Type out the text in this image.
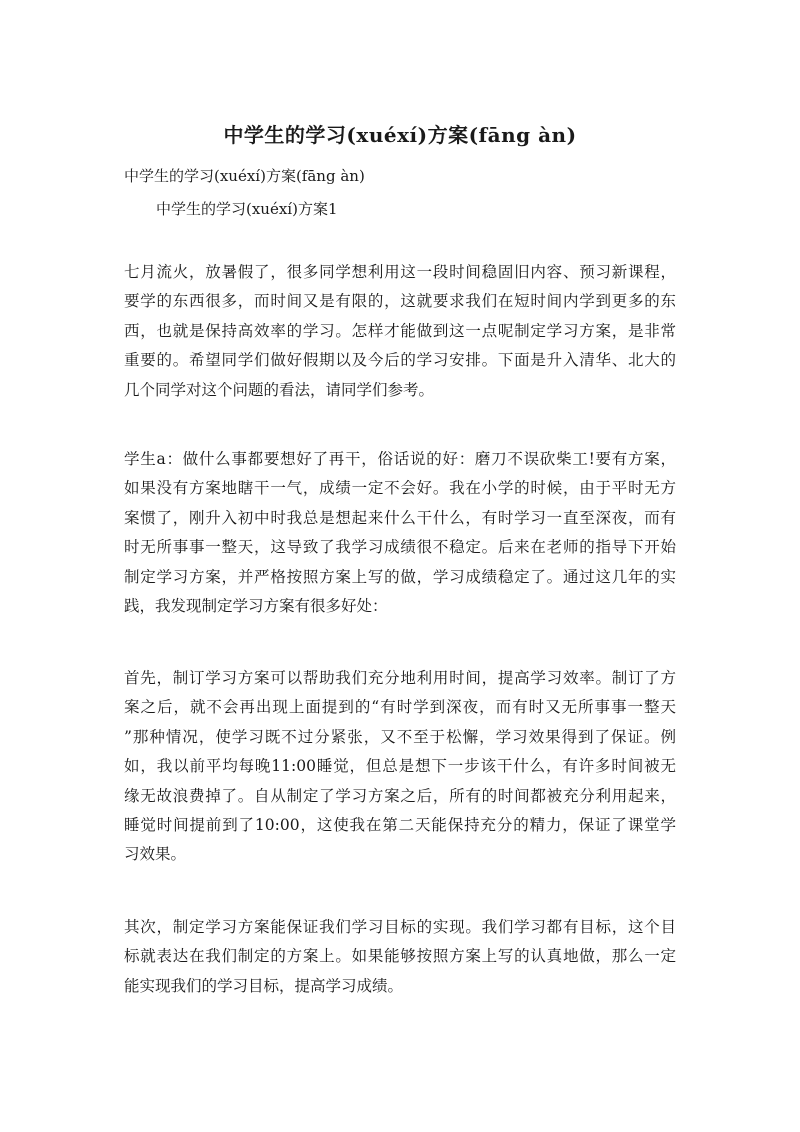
中学生的学习(xuéxí)方案(fāng àn)
中学生的学习(xuéxí)方案(fāng àn)
中学生的学习(xuéxí)方案1

七月流火，放暑假了，很多同学想利用这一段时间稳固旧内容、预习新课程，
要学的东西很多，而时间又是有限的，这就要求我们在短时间内学到更多的东
西，也就是保持高效率的学习。怎样才能做到这一点呢制定学习方案，是非常
重要的。希望同学们做好假期以及今后的学习安排。下面是升入清华、北大的
几个同学对这个问题的看法，请同学们参考。

学生a：做什么事都要想好了再干，俗话说的好：磨刀不误砍柴工!要有方案，
如果没有方案地瞎干一气，成绩一定不会好。我在小学的时候，由于平时无方
案惯了，刚升入初中时我总是想起来什么干什么，有时学习一直至深夜，而有
时无所事事一整天，这导致了我学习成绩很不稳定。后来在老师的指导下开始
制定学习方案，并严格按照方案上写的做，学习成绩稳定了。通过这几年的实
践，我发现制定学习方案有很多好处：

首先，制订学习方案可以帮助我们充分地利用时间，提高学习效率。制订了方
案之后，就不会再出现上面提到的“有时学到深夜，而有时又无所事事一整天
”那种情况，使学习既不过分紧张，又不至于松懈，学习效果得到了保证。例
如，我以前平均每晚11:00睡觉，但总是想下一步该干什么，有许多时间被无
缘无故浪费掉了。自从制定了学习方案之后，所有的时间都被充分利用起来，
睡觉时间提前到了10:00，这使我在第二天能保持充分的精力，保证了课堂学
习效果。

其次，制定学习方案能保证我们学习目标的实现。我们学习都有目标，这个目
标就表达在我们制定的方案上。如果能够按照方案上写的认真地做，那么一定
能实现我们的学习目标，提高学习成绩。
